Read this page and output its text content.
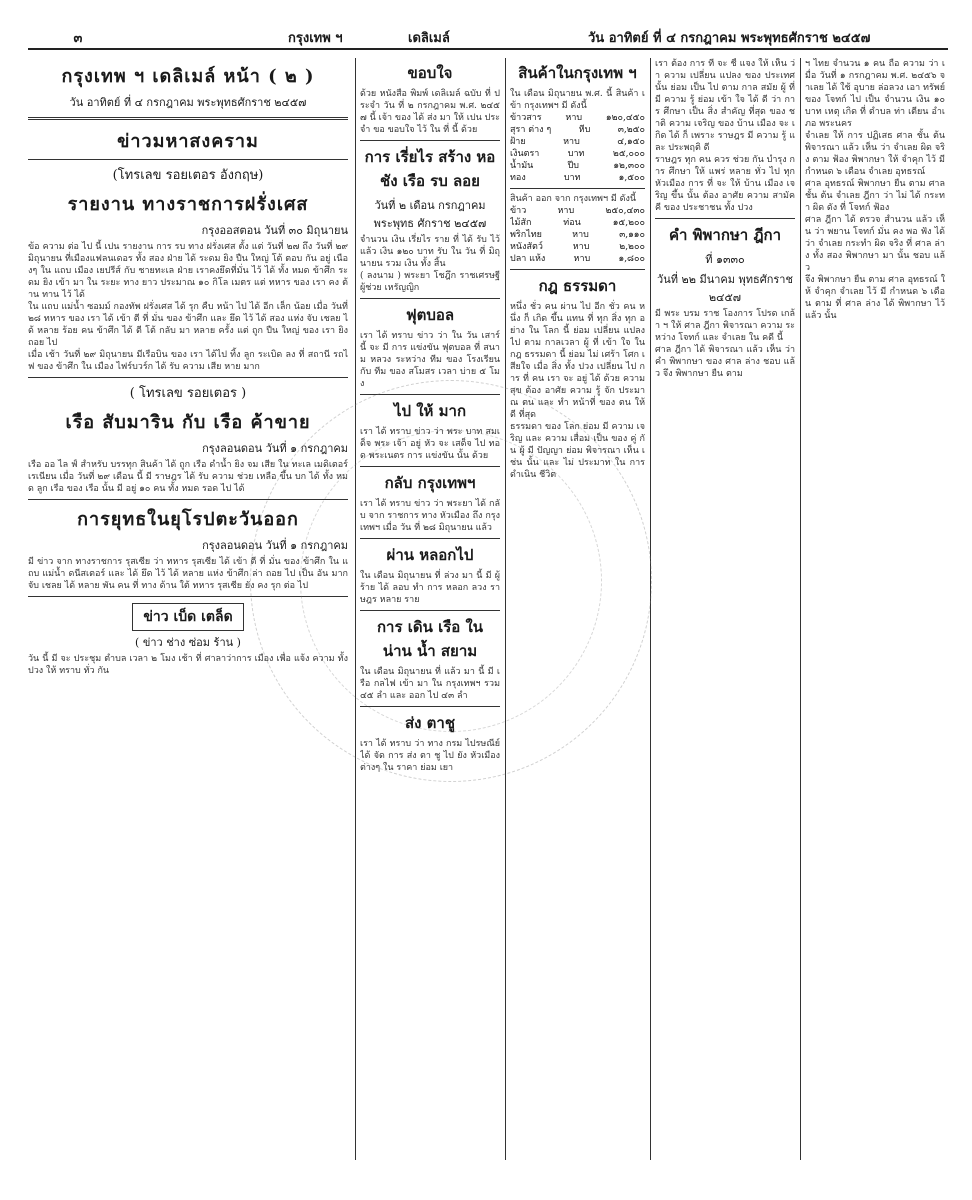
๓	กรุงเทพ ฯ	เดลิเมล์	วัน อาทิตย์ ที่ ๔ กรกฎาคม พระพุทธศักราช ๒๔๕๗
กรุงเทพ ฯ เดลิเมล์ หน้า ( ๒ )
วัน อาทิตย์ ที่ ๔ กรกฎาคม พระพุทธศักราช ๒๔๕๗
ข่าวมหาสงคราม
(โทรเลข รอยเตอร อังกฤษ)
รายงาน ทางราชการฝรั่งเศส
กรุงออสตอน วันที่ ๓๐ มิถุนายน

ข้อ ความ ต่อ ไป นี้ เปน รายงาน การ รบ ทาง ฝรั่งเศส ตั้ง แต่ วันที่ ๒๗ ถึง วันที่ ๒๙ มิถุนายน ที่เมืองแฟลนเดอร ทั้ง สอง ฝ่าย ได้ ระดม ยิง ปืน ใหญ่ โต้ ตอบ กัน อยู่ เนืองๆ ใน แถบ เมือง เยปรีส์ กับ ชายทะเล ฝ่าย เราคงยึดที่มั่น ไว้ ได้ ทั้ง หมด ข้าศึก ระดม ยิง เข้า มา ใน ระยะ ทาง ยาว ประมาณ ๑๐ กิโล เมตร แต่ ทหาร ของ เรา คง ต้าน ทาน ไว้ ได้

ใน แถบ แม่น้ำ ซอมม์ กองทัพ ฝรั่งเศส ได้ รุก คืบ หน้า ไป ได้ อีก เล็ก น้อย เมื่อ วันที่ ๒๘ ทหาร ของ เรา ได้ เข้า ตี ที่ มั่น ของ ข้าศึก และ ยึด ไว้ ได้ สอง แห่ง จับ เชลย ได้ หลาย ร้อย คน ข้าศึก ได้ ตี โต้ กลับ มา หลาย ครั้ง แต่ ถูก ปืน ใหญ่ ของ เรา ยิง ถอย ไป

เมื่อ เช้า วันที่ ๒๙ มิถุนายน มีเรือบิน ของ เรา ได้ไป ทิ้ง ลูก ระเบิด ลง ที่ สถานี รถไฟ ของ ข้าศึก ใน เมือง ไฟร์บวร์ก ได้ รับ ความ เสีย หาย มาก

( โทรเลข รอยเตอร )
เรือ สับมาริน กับ เรือ ค้าขาย
กรุงลอนดอน วันที่ ๑ กรกฎาคม

เรือ ออ ไล ฟ์ สำหรับ บรรทุก สินค้า ได้ ถูก เรือ ดำน้ำ ยิง จม เสีย ใน ทะเล เมดิเตอร์เรเนียน เมื่อ วันที่ ๒๙ เดือน นี้ มี ราษฎร ได้ รับ ความ ช่วย เหลือ ขึ้น บก ได้ ทั้ง หมด ลูก เรือ ของ เรือ นั้น มี อยู่ ๑๐ คน ทั้ง หมด รอด ไป ได้

การยุทธในยุโรปตะวันออก
กรุงลอนดอน วันที่ ๑ กรกฎาคม

มี ข่าว จาก ทางราชการ รุสเซีย ว่า ทหาร รุสเซีย ได้ เข้า ตี ที่ มั่น ของ ข้าศึก ใน แถบ แม่น้ำ ดนีสเตอร์ และ ได้ ยึด ไว้ ได้ หลาย แห่ง ข้าศึก ล่า ถอย ไป เป็น อัน มาก จับ เชลย ได้ หลาย พัน คน ที่ ทาง ด้าน ใต้ ทหาร รุสเซีย ยัง คง รุก ต่อ ไป

ข่าว เบ็ด เตล็ด
( ข่าว ช่าง ซ่อม ร้าน )

วัน นี้ มี จะ ประชุม ตำบล เวลา ๒ โมง เช้า ที่ ศาลาว่าการ เมือง เพื่อ แจ้ง ความ ทั้ง ปวง ให้ ทราบ ทั่ว กัน

ขอบใจ

ด้วย หนังสือ พิมพ์ เดลิเมล์ ฉบับ ที่ ประจำ วัน ที่ ๒ กรกฎาคม พ.ศ. ๒๔๕๗ นี้ เจ้า ของ ได้ ส่ง มา ให้ เปน ประจำ ขอ ขอบใจ ไว้ ใน ที่ นี้ ด้วย

การ เรี่ยไร สร้าง หอ ชัง เรือ รบ ลอย
วันที่ ๒ เดือน กรกฎาคม พระพุทธ ศักราช ๒๔๕๗

จำนวน เงิน เรี่ยไร ราย ที่ ได้ รับ ไว้ แล้ว เงิน ๑๒๐ บาท รับ ใน วัน ที่ มิถุนายน รวม เงิน ทั้ง สิ้น

( ลงนาม ) พระยา โชฎึก ราชเศรษฐี ผู้ช่วย เหรัญญิก

ฟุตบอล

เรา ได้ ทราบ ข่าว ว่า ใน วัน เสาร์ นี้ จะ มี การ แข่งขัน ฟุตบอล ที่ สนาม หลวง ระหว่าง ทีม ของ โรงเรียน กับ ทีม ของ สโมสร เวลา บ่าย ๕ โมง

ไป ให้ มาก

เรา ได้ ทราบ ข่าว ว่า พระ บาท สมเด็จ พระ เจ้า อยู่ หัว จะ เสด็จ ไป ทอด พระเนตร การ แข่งขัน นั้น ด้วย

กลับ กรุงเทพฯ

เรา ได้ ทราบ ข่าว ว่า พระยา ได้ กลับ จาก ราชการ ทาง หัวเมือง ถึง กรุงเทพฯ เมื่อ วัน ที่ ๒๘ มิถุนายน แล้ว

ผ่าน หลอกไป

ใน เดือน มิถุนายน ที่ ล่วง มา นี้ มี ผู้ ร้าย ได้ ลอบ ทำ การ หลอก ลวง ราษฎร หลาย ราย

การ เดิน เรือ ใน น่าน น้ำ สยาม

ใน เดือน มิถุนายน ที่ แล้ว มา นี้ มี เรือ กลไฟ เข้า มา ใน กรุงเทพฯ รวม ๔๕ ลำ และ ออก ไป ๔๓ ลำ

ส่ง ตาชู

เรา ได้ ทราบ ว่า ทาง กรม ไปรษณีย์ ได้ จัด การ ส่ง ตา ชู ไป ยัง หัวเมือง ต่างๆ ใน ราคา ย่อม เยา

สินค้าในกรุงเทพ ฯ

ใน เดือน มิถุนายน พ.ศ. นี้ สินค้า เข้า กรุงเทพฯ มี ดังนี้

ข้าวสาร	หาบ	๑๒๐,๔๕๐
สุรา ต่าง ๆ	หีบ	๓,๒๕๐
ฝ้าย	หาบ	๔,๑๕๐
เงินตรา	บาท	๒๕,๐๐๐
น้ำมัน	ปีบ	๑๒,๓๐๐
ทอง	บาท	๑,๕๐๐

สินค้า ออก จาก กรุงเทพฯ มี ดังนี้

ข้าว	หาบ	๒๕๐,๔๓๐
ไม้สัก	ท่อน	๑๕,๒๐๐
พริกไทย	หาบ	๓,๑๑๐
หนังสัตว์	หาบ	๒,๒๐๐
ปลา แห้ง	หาบ	๑,๘๐๐
กฎ ธรรมดา

หนึ่ง ชั่ว คน ผ่าน ไป อีก ชั่ว คน หนึ่ง ก็ เกิด ขึ้น แทน ที่ ทุก สิ่ง ทุก อย่าง ใน โลก นี้ ย่อม เปลี่ยน แปลง ไป ตาม กาลเวลา ผู้ ที่ เข้า ใจ ใน กฎ ธรรมดา นี้ ย่อม ไม่ เศร้า โศก เสียใจ เมื่อ สิ่ง ทั้ง ปวง เปลี่ยน ไป การ ที่ คน เรา จะ อยู่ ได้ ด้วย ความ สุข ต้อง อาศัย ความ รู้ จัก ประมาณ ตน และ ทำ หน้าที่ ของ ตน ให้ ดี ที่สุด

ธรรมดา ของ โลก ย่อม มี ความ เจริญ และ ความ เสื่อม เป็น ของ คู่ กัน ผู้ มี ปัญญา ย่อม พิจารณา เห็น เช่น นั้น และ ไม่ ประมาท ใน การ ดำเนิน ชีวิต

เรา ต้อง การ ที่ จะ ชี้ แจง ให้ เห็น ว่า ความ เปลี่ยน แปลง ของ ประเทศ นั้น ย่อม เป็น ไป ตาม กาล สมัย ผู้ ที่ มี ความ รู้ ย่อม เข้า ใจ ได้ ดี ว่า การ ศึกษา เป็น สิ่ง สำคัญ ที่สุด ของ ชาติ ความ เจริญ ของ บ้าน เมือง จะ เกิด ได้ ก็ เพราะ ราษฎร มี ความ รู้ และ ประพฤติ ดี

ราษฎร ทุก คน ควร ช่วย กัน บำรุง การ ศึกษา ให้ แพร่ หลาย ทั่ว ไป ทุก หัวเมือง การ ที่ จะ ให้ บ้าน เมือง เจริญ ขึ้น นั้น ต้อง อาศัย ความ สามัคคี ของ ประชาชน ทั้ง ปวง

คำ พิพากษา ฎีกา
ที่ ๑๓๓๐
วันที่ ๒๒ มีนาคม พุทธศักราช ๒๔๕๗

มี พระ บรม ราช โองการ โปรด เกล้า ฯ ให้ ศาล ฎีกา พิจารณา ความ ระหว่าง โจทก์ และ จำเลย ใน คดี นี้

ศาล ฎีกา ได้ พิจารณา แล้ว เห็น ว่า คำ พิพากษา ของ ศาล ล่าง ชอบ แล้ว จึง พิพากษา ยืน ตาม

ฯ ไทย จำนวน ๑ คน ถือ ความ ว่า เมื่อ วันที่ ๑ กรกฎาคม พ.ศ. ๒๔๕๖ จำเลย ได้ ใช้ อุบาย ล่อลวง เอา ทรัพย์ ของ โจทก์ ไป เป็น จำนวน เงิน ๑๐ บาท เหตุ เกิด ที่ ตำบล ท่า เตียน อำเภอ พระนคร

จำเลย ให้ การ ปฏิเสธ ศาล ชั้น ต้น พิจารณา แล้ว เห็น ว่า จำเลย ผิด จริง ตาม ฟ้อง พิพากษา ให้ จำคุก ไว้ มี กำหนด ๖ เดือน จำเลย อุทธรณ์

ศาล อุทธรณ์ พิพากษา ยืน ตาม ศาล ชั้น ต้น จำเลย ฎีกา ว่า ไม่ ได้ กระทำ ผิด ดัง ที่ โจทก์ ฟ้อง

ศาล ฎีกา ได้ ตรวจ สำนวน แล้ว เห็น ว่า พยาน โจทก์ มั่น คง พอ ฟัง ได้ ว่า จำเลย กระทำ ผิด จริง ที่ ศาล ล่าง ทั้ง สอง พิพากษา มา นั้น ชอบ แล้ว

จึง พิพากษา ยืน ตาม ศาล อุทธรณ์ ให้ จำคุก จำเลย ไว้ มี กำหนด ๖ เดือน ตาม ที่ ศาล ล่าง ได้ พิพากษา ไว้ แล้ว นั้น
